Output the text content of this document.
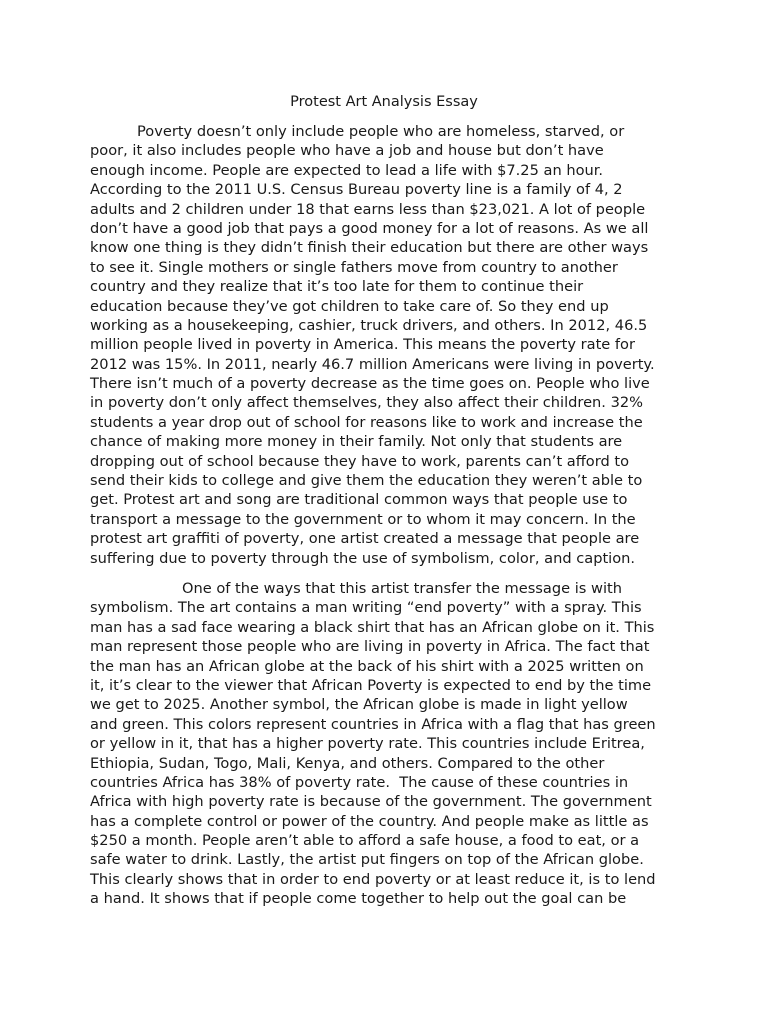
Protest Art Analysis Essay
Poverty doesn’t only include people who are homeless, starved, or
poor, it also includes people who have a job and house but don’t have
enough income. People are expected to lead a life with $7.25 an hour.
According to the 2011 U.S. Census Bureau poverty line is a family of 4, 2
adults and 2 children under 18 that earns less than $23,021. A lot of people
don’t have a good job that pays a good money for a lot of reasons. As we all
know one thing is they didn’t finish their education but there are other ways
to see it. Single mothers or single fathers move from country to another
country and they realize that it’s too late for them to continue their
education because they’ve got children to take care of. So they end up
working as a housekeeping, cashier, truck drivers, and others. In 2012, 46.5
million people lived in poverty in America. This means the poverty rate for
2012 was 15%. In 2011, nearly 46.7 million Americans were living in poverty.
There isn’t much of a poverty decrease as the time goes on. People who live
in poverty don’t only affect themselves, they also affect their children. 32%
students a year drop out of school for reasons like to work and increase the
chance of making more money in their family. Not only that students are
dropping out of school because they have to work, parents can’t afford to
send their kids to college and give them the education they weren’t able to
get. Protest art and song are traditional common ways that people use to
transport a message to the government or to whom it may concern. In the
protest art graffiti of poverty, one artist created a message that people are
suffering due to poverty through the use of symbolism, color, and caption.
One of the ways that this artist transfer the message is with
symbolism. The art contains a man writing “end poverty” with a spray. This
man has a sad face wearing a black shirt that has an African globe on it. This
man represent those people who are living in poverty in Africa. The fact that
the man has an African globe at the back of his shirt with a 2025 written on
it, it’s clear to the viewer that African Poverty is expected to end by the time
we get to 2025. Another symbol, the African globe is made in light yellow
and green. This colors represent countries in Africa with a flag that has green
or yellow in it, that has a higher poverty rate. This countries include Eritrea,
Ethiopia, Sudan, Togo, Mali, Kenya, and others. Compared to the other
countries Africa has 38% of poverty rate.  The cause of these countries in
Africa with high poverty rate is because of the government. The government
has a complete control or power of the country. And people make as little as
$250 a month. People aren’t able to afford a safe house, a food to eat, or a
safe water to drink. Lastly, the artist put fingers on top of the African globe.
This clearly shows that in order to end poverty or at least reduce it, is to lend
a hand. It shows that if people come together to help out the goal can be
